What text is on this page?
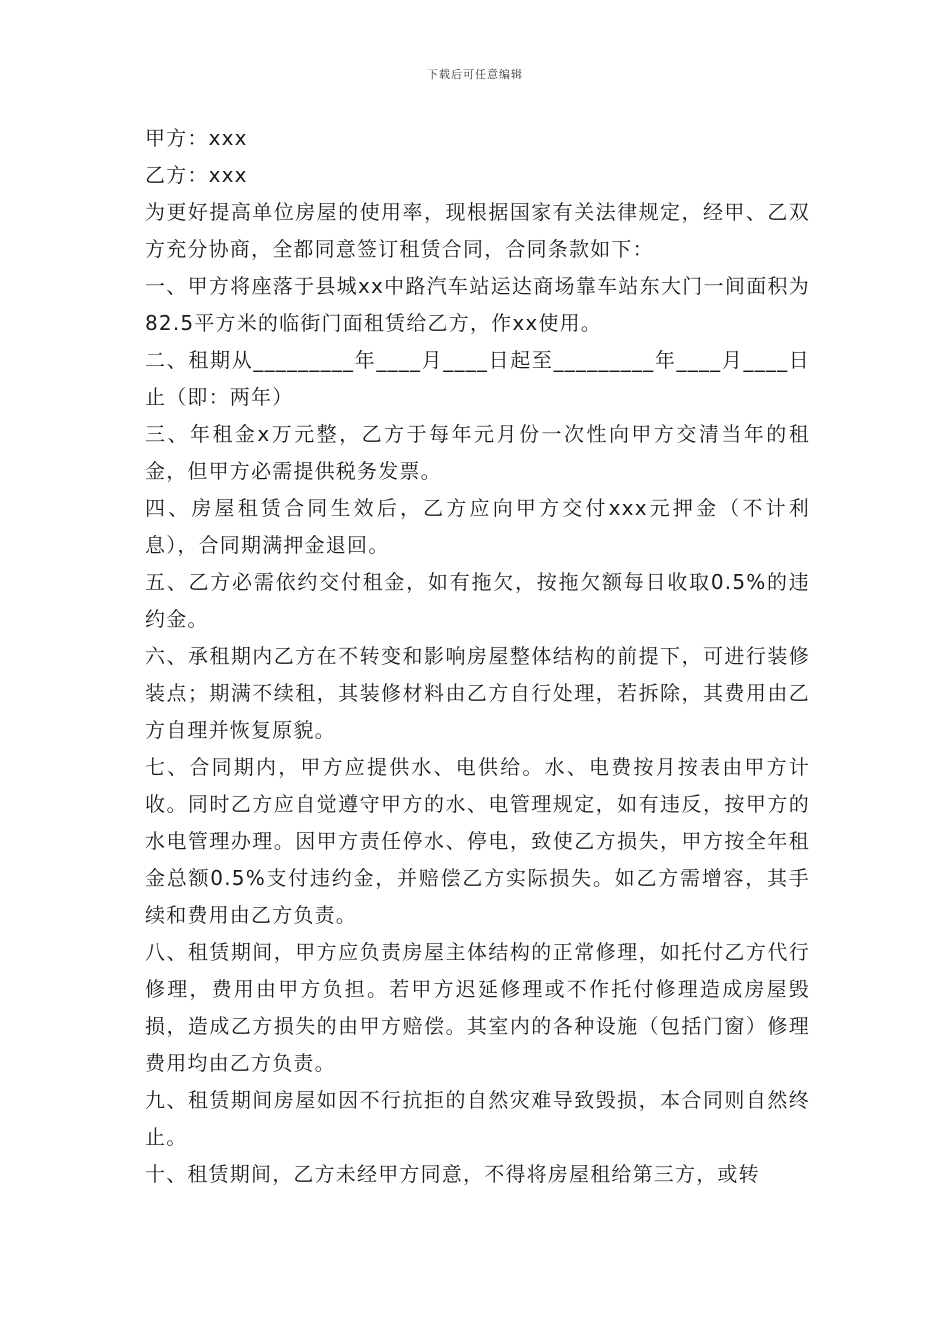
下载后可任意编辑

甲方：xxx

乙方：xxx

为更好提高单位房屋的使用率，现根据国家有关法律规定，经甲、乙双方充分协商，全都同意签订租赁合同，合同条款如下：

一、甲方将座落于县城xx中路汽车站运达商场靠车站东大门一间面积为82.5平方米的临街门面租赁给乙方，作xx使用。

二、租期从_________年____月____日起至_________年____月____日止（即：两年）

三、年租金x万元整，乙方于每年元月份一次性向甲方交清当年的租金，但甲方必需提供税务发票。

四、房屋租赁合同生效后，乙方应向甲方交付xxx元押金（不计利息），合同期满押金退回。

五、乙方必需依约交付租金，如有拖欠，按拖欠额每日收取0.5%的违约金。

六、承租期内乙方在不转变和影响房屋整体结构的前提下，可进行装修装点；期满不续租，其装修材料由乙方自行处理，若拆除，其费用由乙方自理并恢复原貌。

七、合同期内，甲方应提供水、电供给。水、电费按月按表由甲方计收。同时乙方应自觉遵守甲方的水、电管理规定，如有违反，按甲方的水电管理办理。因甲方责任停水、停电，致使乙方损失，甲方按全年租金总额0.5%支付违约金，并赔偿乙方实际损失。如乙方需增容，其手续和费用由乙方负责。

八、租赁期间，甲方应负责房屋主体结构的正常修理，如托付乙方代行修理，费用由甲方负担。若甲方迟延修理或不作托付修理造成房屋毁损，造成乙方损失的由甲方赔偿。其室内的各种设施（包括门窗）修理费用均由乙方负责。

九、租赁期间房屋如因不行抗拒的自然灾难导致毁损，本合同则自然终止。

十、租赁期间，乙方未经甲方同意，不得将房屋租给第三方，或转
